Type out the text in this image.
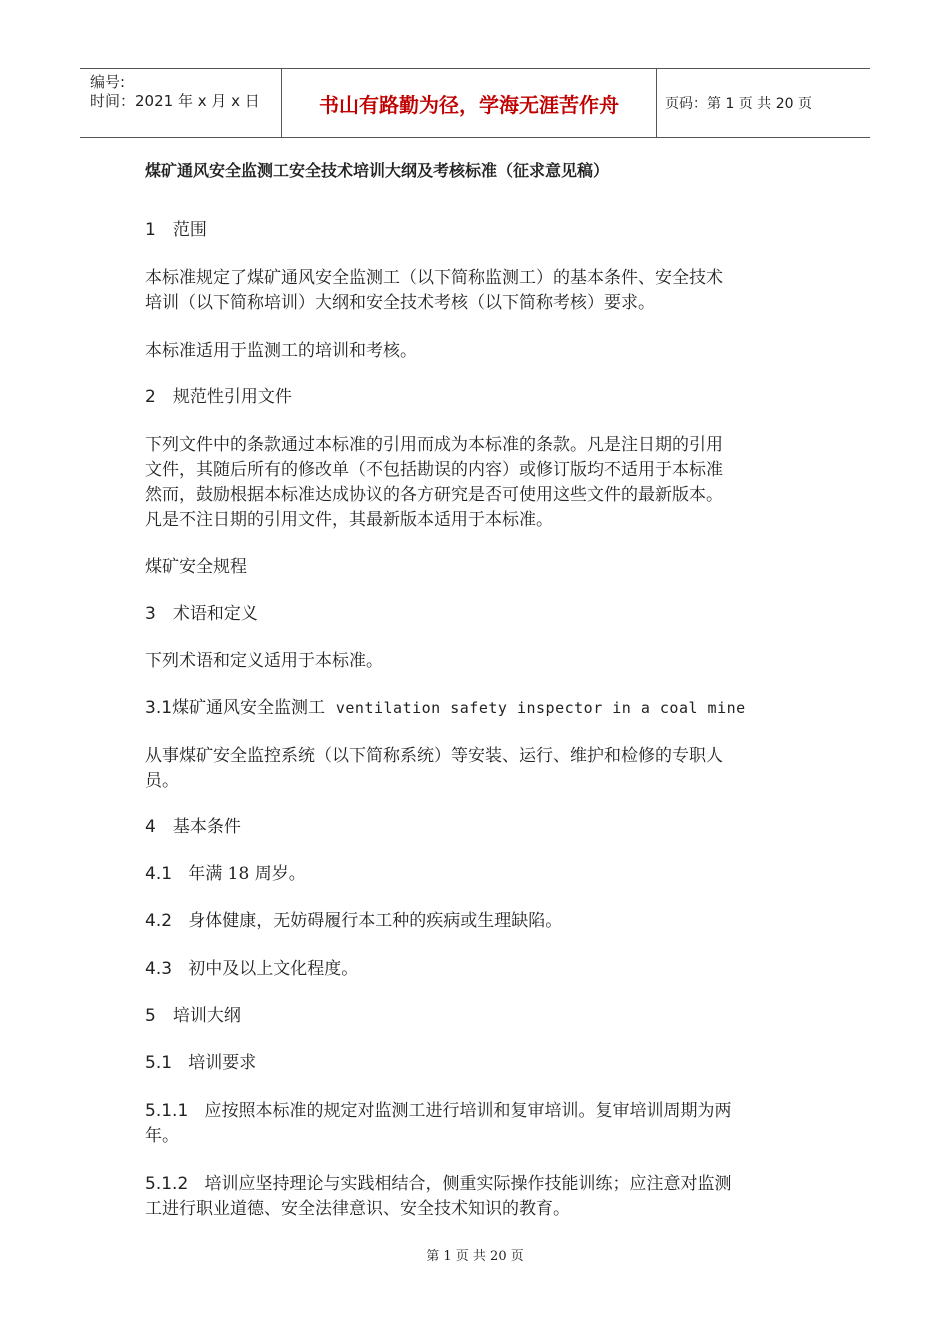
编号:
时间：2021 年 x 月 x 日	书山有路勤为径，学海无涯苦作舟	页码：第 1 页 共 20 页
煤矿通风安全监测工安全技术培训大纲及考核标准（征求意见稿）
1　范围
本标准规定了煤矿通风安全监测工（以下简称监测工）的基本条件、安全技术
培训（以下简称培训）大纲和安全技术考核（以下简称考核）要求。
本标准适用于监测工的培训和考核。
2　规范性引用文件
下列文件中的条款通过本标准的引用而成为本标准的条款。凡是注日期的引用
文件，其随后所有的修改单（不包括勘误的内容）或修订版均不适用于本标准
然而，鼓励根据本标准达成协议的各方研究是否可使用这些文件的最新版本。
凡是不注日期的引用文件，其最新版本适用于本标准。
煤矿安全规程
3　术语和定义
下列术语和定义适用于本标准。
3.1煤矿通风安全监测工 ventilation safety inspector in a coal mine
从事煤矿安全监控系统（以下简称系统）等安装、运行、维护和检修的专职人
员。
4　基本条件
4.1 年满 18 周岁。
4.2 身体健康，无妨碍履行本工种的疾病或生理缺陷。
4.3 初中及以上文化程度。
5　培训大纲
5.1 培训要求
5.1.1 应按照本标准的规定对监测工进行培训和复审培训。复审培训周期为两
年。
5.1.2 培训应坚持理论与实践相结合，侧重实际操作技能训练；应注意对监测
工进行职业道德、安全法律意识、安全技术知识的教育。
第 1 页 共 20 页
